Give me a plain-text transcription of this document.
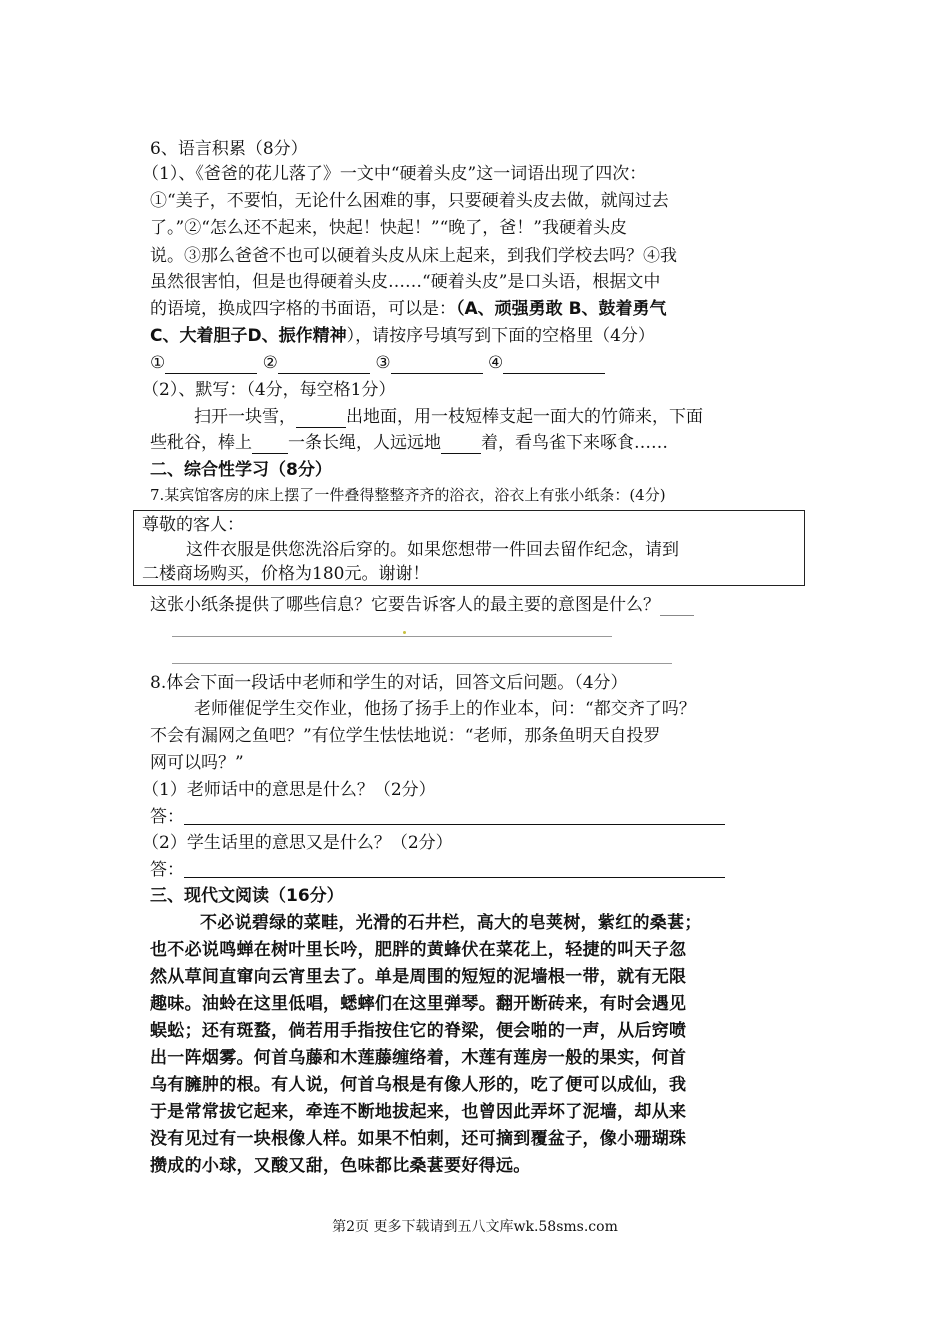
6、语言积累（8分）
（1）、《爸爸的花儿落了》一文中“硬着头皮”这一词语出现了四次：
①“美子，不要怕，无论什么困难的事，只要硬着头皮去做，就闯过去
了。”②“怎么还不起来，快起！快起！”“晚了，爸！”我硬着头皮
说。③那么爸爸不也可以硬着头皮从床上起来，到我们学校去吗？④我
虽然很害怕，但是也得硬着头皮……“硬着头皮”是口头语，根据文中
的语境，换成四字格的书面语，可以是：（A、顽强勇敢 B、鼓着勇气
C、大着胆子D、振作精神），请按序号填写到下面的空格里（4分）
①	②	③	④
（2）、默写：（4分，每空格1分）
扫开一块雪，	出地面，用一枝短棒支起一面大的竹筛来，下面
些秕谷，棒上 一条长绳，人远远地 着，看鸟雀下来啄食……
二、综合性学习（8分）
7.某宾馆客房的床上摆了一件叠得整整齐齐的浴衣，浴衣上有张小纸条：(4分)
尊敬的客人：
这件衣服是供您洗浴后穿的。如果您想带一件回去留作纪念，请到
二楼商场购买，价格为180元。谢谢！
这张小纸条提供了哪些信息？它要告诉客人的最主要的意图是什么？
8.体会下面一段话中老师和学生的对话，回答文后问题。（4分）
老师催促学生交作业，他扬了扬手上的作业本，问：“都交齐了吗？
不会有漏网之鱼吧？”有位学生怯怯地说：“老师，那条鱼明天自投罗
网可以吗？”
（1）老师话中的意思是什么？（2分）
答：
（2）学生话里的意思又是什么？（2分）
答：
三、现代文阅读（16分）
不必说碧绿的菜畦，光滑的石井栏，高大的皂荚树，紫红的桑葚；
也不必说鸣蝉在树叶里长吟，肥胖的黄蜂伏在菜花上，轻捷的叫天子忽
然从草间直窜向云宵里去了。单是周围的短短的泥墙根一带，就有无限
趣味。油蛉在这里低唱，蟋蟀们在这里弹琴。翻开断砖来，有时会遇见
蜈蚣；还有斑蝥，倘若用手指按住它的脊梁，便会啪的一声，从后窍喷
出一阵烟雾。何首乌藤和木莲藤缠络着，木莲有莲房一般的果实，何首
乌有臃肿的根。有人说，何首乌根是有像人形的，吃了便可以成仙，我
于是常常拔它起来，牵连不断地拔起来，也曾因此弄坏了泥墙，却从来
没有见过有一块根像人样。如果不怕刺，还可摘到覆盆子，像小珊瑚珠
攒成的小球，又酸又甜，色味都比桑葚要好得远。
第2页 更多下载请到五八文库wk.58sms.com
